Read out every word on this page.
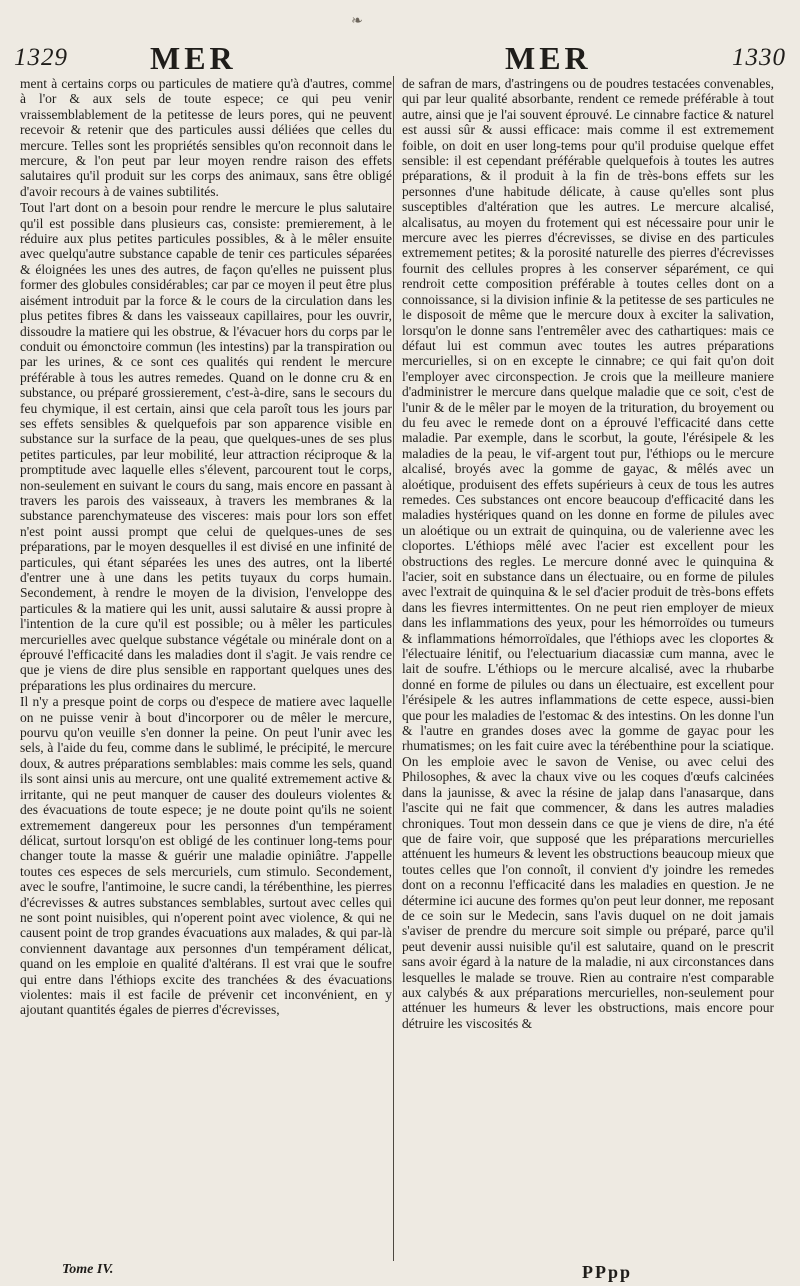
❧
1329	MER	MER	1330

ment à certains corps ou particules de matiere qu'à d'autres, comme à l'or & aux sels de toute espece; ce qui peu venir vraissemblablement de la petitesse de leurs pores, qui ne peuvent recevoir & retenir que des particules aussi déliées que celles du mercure. Telles sont les propriétés sensibles qu'on reconnoit dans le mercure, & l'on peut par leur moyen rendre raison des effets salutaires qu'il produit sur les corps des animaux, sans être obligé d'avoir recours à de vaines subtilités.

Tout l'art dont on a besoin pour rendre le mercure le plus salutaire qu'il est possible dans plusieurs cas, consiste: premierement, à le réduire aux plus petites particules possibles, & à le mêler ensuite avec quelqu'autre substance capable de tenir ces particules séparées & éloignées les unes des autres, de façon qu'elles ne puissent plus former des globules considérables; car par ce moyen il peut être plus aisément introduit par la force & le cours de la circulation dans les plus petites fibres & dans les vaisseaux capillaires, pour les ouvrir, dissoudre la matiere qui les obstrue, & l'évacuer hors du corps par le conduit ou émonctoire commun (les intestins) par la transpiration ou par les urines, & ce sont ces qualités qui rendent le mercure préférable à tous les autres remedes. Quand on le donne cru & en substance, ou préparé grossierement, c'est-à-dire, sans le secours du feu chymique, il est certain, ainsi que cela paroît tous les jours par ses effets sensibles & quelquefois par son apparence visible en substance sur la surface de la peau, que quelques-unes de ses plus petites particules, par leur mobilité, leur attraction réciproque & la promptitude avec laquelle elles s'élevent, parcourent tout le corps, non-seulement en suivant le cours du sang, mais encore en passant à travers les parois des vaisseaux, à travers les membranes & la substance parenchymateuse des visceres: mais pour lors son effet n'est point aussi prompt que celui de quelques-unes de ses préparations, par le moyen desquelles il est divisé en une infinité de particules, qui étant séparées les unes des autres, ont la liberté d'entrer une à une dans les petits tuyaux du corps humain. Secondement, à rendre le moyen de la division, l'enveloppe des particules & la matiere qui les unit, aussi salutaire & aussi propre à l'intention de la cure qu'il est possible; ou à mêler les particules mercurielles avec quelque substance végétale ou minérale dont on a éprouvé l'efficacité dans les maladies dont il s'agit. Je vais rendre ce que je viens de dire plus sensible en rapportant quelques unes des préparations les plus ordinaires du mercure.

Il n'y a presque point de corps ou d'espece de matiere avec laquelle on ne puisse venir à bout d'incorporer ou de mêler le mercure, pourvu qu'on veuille s'en donner la peine. On peut l'unir avec les sels, à l'aide du feu, comme dans le sublimé, le précipité, le mercure doux, & autres préparations semblables: mais comme les sels, quand ils sont ainsi unis au mercure, ont une qualité extremement active & irritante, qui ne peut manquer de causer des douleurs violentes & des évacuations de toute espece; je ne doute point qu'ils ne soient extremement dangereux pour les personnes d'un tempérament délicat, surtout lorsqu'on est obligé de les continuer long-tems pour changer toute la masse & guérir une maladie opiniâtre. J'appelle toutes ces especes de sels mercuriels, cum stimulo. Secondement, avec le soufre, l'antimoine, le sucre candi, la térébenthine, les pierres d'écrevisses & autres substances semblables, surtout avec celles qui ne sont point nuisibles, qui n'operent point avec violence, & qui ne causent point de trop grandes évacuations aux malades, & qui par-là conviennent davantage aux personnes d'un tempérament délicat, quand on les emploie en qualité d'altérans. Il est vrai que le soufre qui entre dans l'éthiops excite des tranchées & des évacuations violentes: mais il est facile de prévenir cet inconvénient, en y ajoutant quantités égales de pierres d'écrevisses,

de safran de mars, d'astringens ou de poudres testacées convenables, qui par leur qualité absorbante, rendent ce remede préférable à tout autre, ainsi que je l'ai souvent éprouvé. Le cinnabre factice & naturel est aussi sûr & aussi efficace: mais comme il est extremement foible, on doit en user long-tems pour qu'il produise quelque effet sensible: il est cependant préférable quelquefois à toutes les autres préparations, & il produit à la fin de très-bons effets sur les personnes d'une habitude délicate, à cause qu'elles sont plus susceptibles d'altération que les autres. Le mercure alcalisé, alcalisatus, au moyen du frotement qui est nécessaire pour unir le mercure avec les pierres d'écrevisses, se divise en des particules extremement petites; & la porosité naturelle des pierres d'écrevisses fournit des cellules propres à les conserver séparément, ce qui rendroit cette composition préférable à toutes celles dont on a connoissance, si la division infinie & la petitesse de ses particules ne le disposoit de même que le mercure doux à exciter la salivation, lorsqu'on le donne sans l'entremêler avec des cathartiques: mais ce défaut lui est commun avec toutes les autres préparations mercurielles, si on en excepte le cinnabre; ce qui fait qu'on doit l'employer avec circonspection. Je crois que la meilleure maniere d'administrer le mercure dans quelque maladie que ce soit, c'est de l'unir & de le mêler par le moyen de la trituration, du broyement ou du feu avec le remede dont on a éprouvé l'efficacité dans cette maladie. Par exemple, dans le scorbut, la goute, l'érésipele & les maladies de la peau, le vif-argent tout pur, l'éthiops ou le mercure alcalisé, broyés avec la gomme de gayac, & mêlés avec un aloétique, produisent des effets supérieurs à ceux de tous les autres remedes. Ces substances ont encore beaucoup d'efficacité dans les maladies hystériques quand on les donne en forme de pilules avec un aloétique ou un extrait de quinquina, ou de valerienne avec les cloportes. L'éthiops mêlé avec l'acier est excellent pour les obstructions des regles. Le mercure donné avec le quinquina & l'acier, soit en substance dans un électuaire, ou en forme de pilules avec l'extrait de quinquina & le sel d'acier produit de très-bons effets dans les fievres intermittentes. On ne peut rien employer de mieux dans les inflammations des yeux, pour les hémorroïdes ou tumeurs & inflammations hémorroïdales, que l'éthiops avec les cloportes & l'électuaire lénitif, ou l'electuarium diacassiæ cum manna, avec le lait de soufre. L'éthiops ou le mercure alcalisé, avec la rhubarbe donné en forme de pilules ou dans un électuaire, est excellent pour l'érésipele & les autres inflammations de cette espece, aussi-bien que pour les maladies de l'estomac & des intestins. On les donne l'un & l'autre en grandes doses avec la gomme de gayac pour les rhumatismes; on les fait cuire avec la térébenthine pour la sciatique. On les emploie avec le savon de Venise, ou avec celui des Philosophes, & avec la chaux vive ou les coques d'œufs calcinées dans la jaunisse, & avec la résine de jalap dans l'anasarque, dans l'ascite qui ne fait que commencer, & dans les autres maladies chroniques. Tout mon dessein dans ce que je viens de dire, n'a été que de faire voir, que supposé que les préparations mercurielles atténuent les humeurs & levent les obstructions beaucoup mieux que toutes celles que l'on connoît, il convient d'y joindre les remedes dont on a reconnu l'efficacité dans les maladies en question. Je ne détermine ici aucune des formes qu'on peut leur donner, me reposant de ce soin sur le Medecin, sans l'avis duquel on ne doit jamais s'aviser de prendre du mercure soit simple ou préparé, parce qu'il peut devenir aussi nuisible qu'il est salutaire, quand on le prescrit sans avoir égard à la nature de la maladie, ni aux circonstances dans lesquelles le malade se trouve. Rien au contraire n'est comparable aux calybés & aux préparations mercurielles, non-seulement pour atténuer les humeurs & lever les obstructions, mais encore pour détruire les viscosités &

Tome IV.	PPpp
